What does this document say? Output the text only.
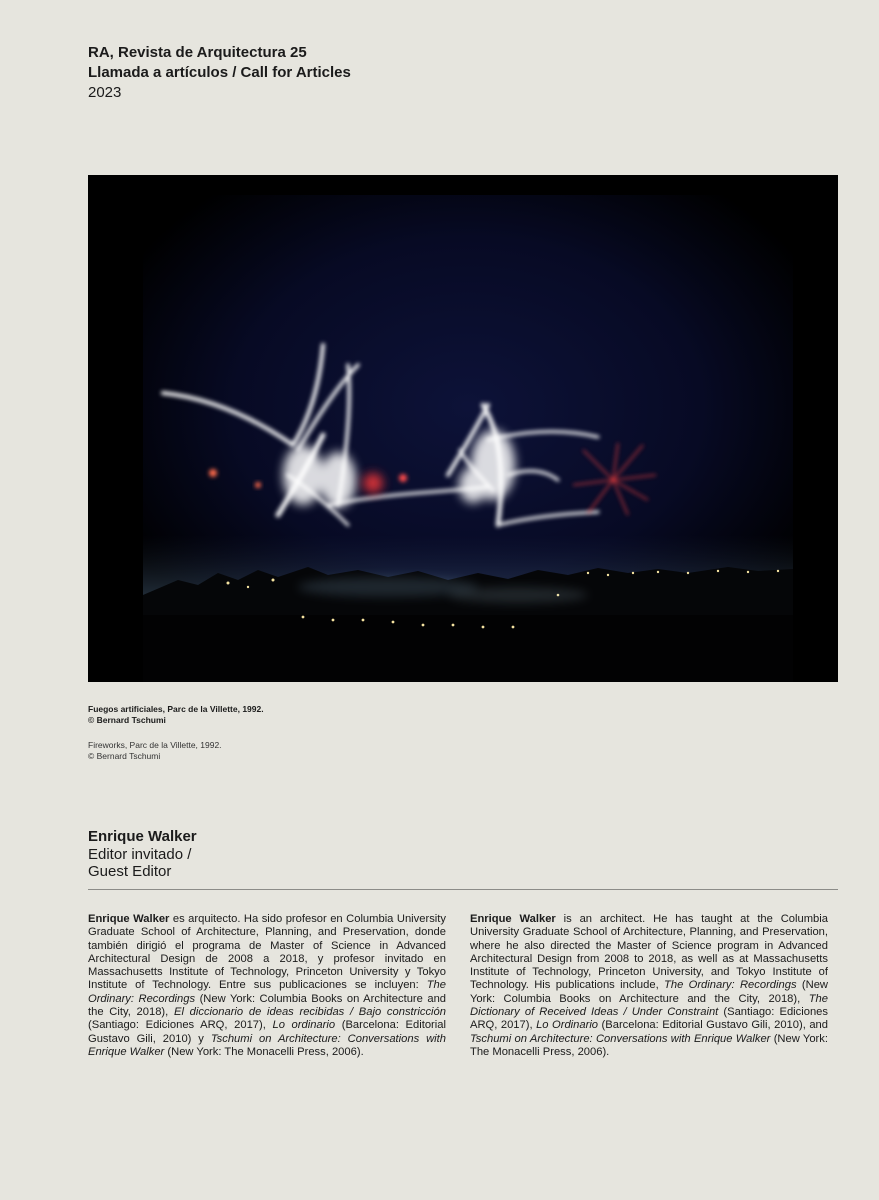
RA, Revista de Arquitectura 25
Llamada a artículos / Call for Articles
2023
Fuegos artificiales, Parc de la Villette, 1992.
© Bernard Tschumi
Fireworks, Parc de la Villette, 1992.
© Bernard Tschumi
Enrique Walker
Editor invitado /
Guest Editor
Enrique Walker es arquitecto. Ha sido profesor en Columbia University Graduate School of Architecture, Planning, and Preservation, donde también dirigió el programa de Master of Science in Advanced Architectural Design de 2008 a 2018, y profesor invitado en Massachusetts Institute of Technology, Princeton University y Tokyo Institute of Technology. Entre sus publicaciones se incluyen: The Ordinary: Recordings (New York: Columbia Books on Architecture and the City, 2018), El diccionario de ideas recibidas / Bajo constricción (Santiago: Ediciones ARQ, 2017), Lo ordinario (Barcelona: Editorial Gustavo Gili, 2010) y Tschumi on Architecture: Conversations with Enrique Walker (New York: The Monacelli Press, 2006).
Enrique Walker is an architect. He has taught at the Columbia University Graduate School of Architecture, Planning, and Preservation, where he also directed the Master of Science program in Advanced Architectural Design from 2008 to 2018, as well as at Massachusetts Institute of Technology, Princeton University, and Tokyo Institute of Technology. His publications include, The Ordinary: Recordings (New York: Columbia Books on Architecture and the City, 2018), The Dictionary of Received Ideas / Under Constraint (Santiago: Ediciones ARQ, 2017), Lo Ordinario (Barcelona: Editorial Gustavo Gili, 2010), and Tschumi on Architecture: Conversations with Enrique Walker (New York: The Monacelli Press, 2006).
